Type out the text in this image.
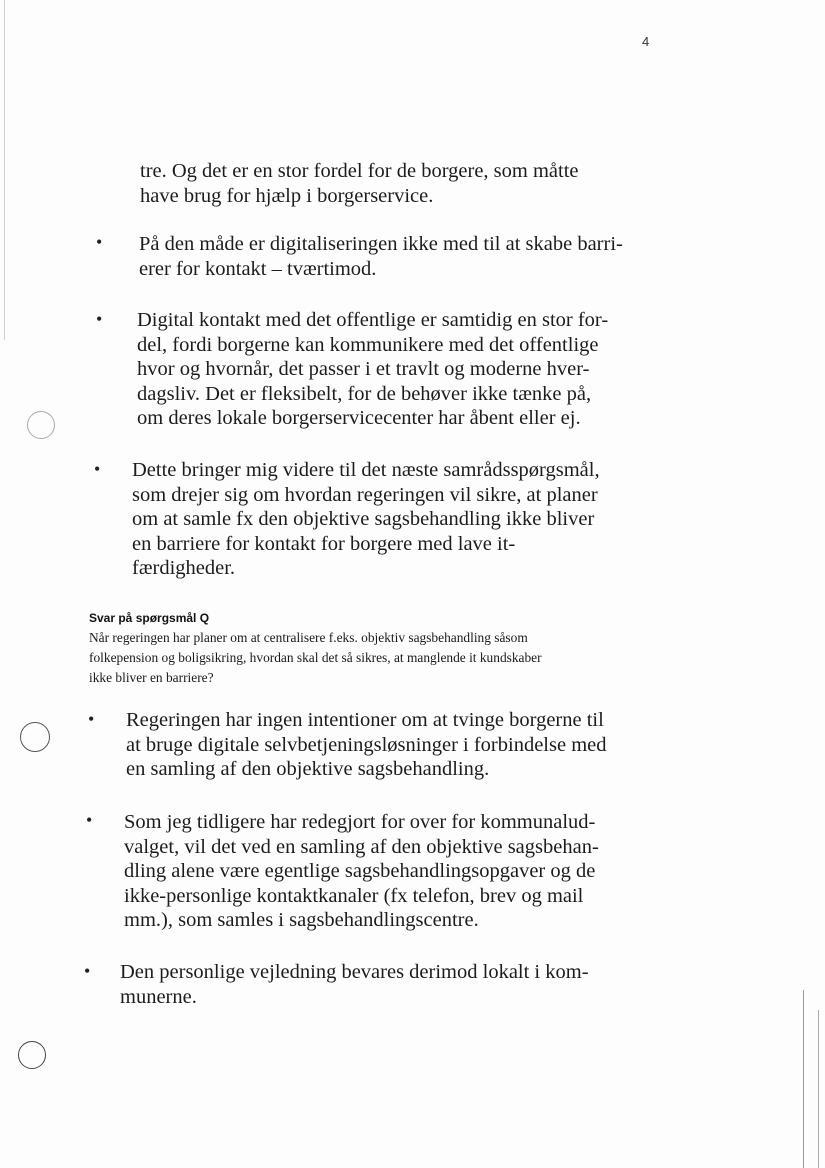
4

tre. Og det er en stor fordel for de borgere, som måtte

have brug for hjælp i borgerservice.

• På den måde er digitaliseringen ikke med til at skabe barri-

erer for kontakt – tværtimod.

• Digital kontakt med det offentlige er samtidig en stor for-

del, fordi borgerne kan kommunikere med det offentlige

hvor og hvornår, det passer i et travlt og moderne hver-

dagsliv. Det er fleksibelt, for de behøver ikke tænke på,

om deres lokale borgerservicecenter har åbent eller ej.

• Dette bringer mig videre til det næste samrådsspørgsmål,

som drejer sig om hvordan regeringen vil sikre, at planer

om at samle fx den objektive sagsbehandling ikke bliver

en barriere for kontakt for borgere med lave it-

færdigheder.

Svar på spørgsmål Q
Når regeringen har planer om at centralisere f.eks. objektiv sagsbehandling såsom
folkepension og boligsikring, hvordan skal det så sikres, at manglende it kundskaber
ikke bliver en barriere?
• Regeringen har ingen intentioner om at tvinge borgerne til

at bruge digitale selvbetjeningsløsninger i forbindelse med

en samling af den objektive sagsbehandling.

• Som jeg tidligere har redegjort for over for kommunalud-

valget, vil det ved en samling af den objektive sagsbehan-

dling alene være egentlige sagsbehandlingsopgaver og de

ikke-personlige kontaktkanaler (fx telefon, brev og mail

mm.), som samles i sagsbehandlingscentre.

• Den personlige vejledning bevares derimod lokalt i kom-

munerne.
